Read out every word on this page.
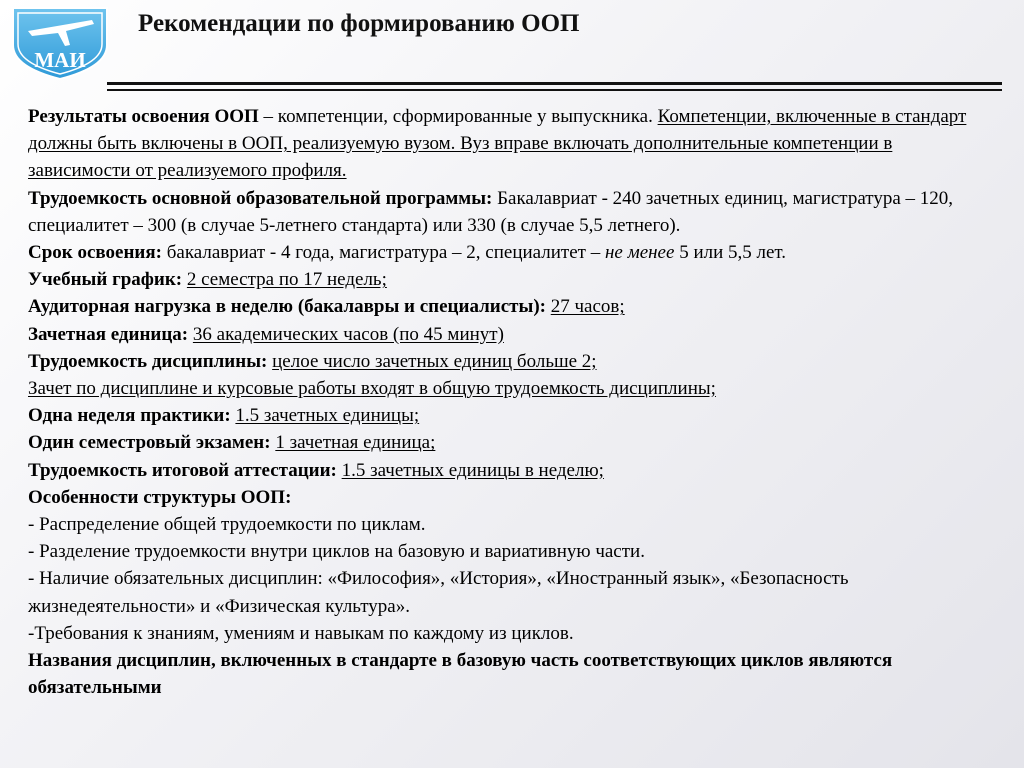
МАИ
Рекомендации по формированию ООП

Результаты освоения ООП – компетенции, сформированные у выпускника. Компетенции, включенные в стандарт должны быть включены в ООП, реализуемую вузом. Вуз вправе включать дополнительные компетенции в зависимости от реализуемого профиля.

Трудоемкость основной образовательной программы: Бакалавриат - 240 зачетных единиц, магистратура – 120, специалитет – 300 (в случае 5-летнего стандарта) или 330 (в случае 5,5 летнего).

Срок освоения: бакалавриат - 4 года, магистратура – 2, специалитет – не менее 5 или 5,5 лет.

Учебный график: 2 семестра по 17 недель;

Аудиторная нагрузка в неделю (бакалавры и специалисты): 27 часов;

Зачетная единица: 36 академических часов (по 45 минут)

Трудоемкость дисциплины: целое число зачетных единиц больше 2;

Зачет по дисциплине и курсовые работы входят в общую трудоемкость дисциплины;

Одна неделя практики: 1.5 зачетных единицы;

Один семестровый экзамен: 1 зачетная единица;

Трудоемкость итоговой аттестации: 1.5 зачетных единицы в неделю;

Особенности структуры ООП:

- Распределение общей трудоемкости по циклам.

- Разделение трудоемкости внутри циклов на базовую и вариативную части.

- Наличие обязательных дисциплин: «Философия», «История», «Иностранный язык», «Безопасность жизнедеятельности» и «Физическая культура».

-Требования к знаниям, умениям и навыкам по каждому из циклов.

Названия дисциплин, включенных в стандарте в базовую часть соответствующих циклов являются обязательными
